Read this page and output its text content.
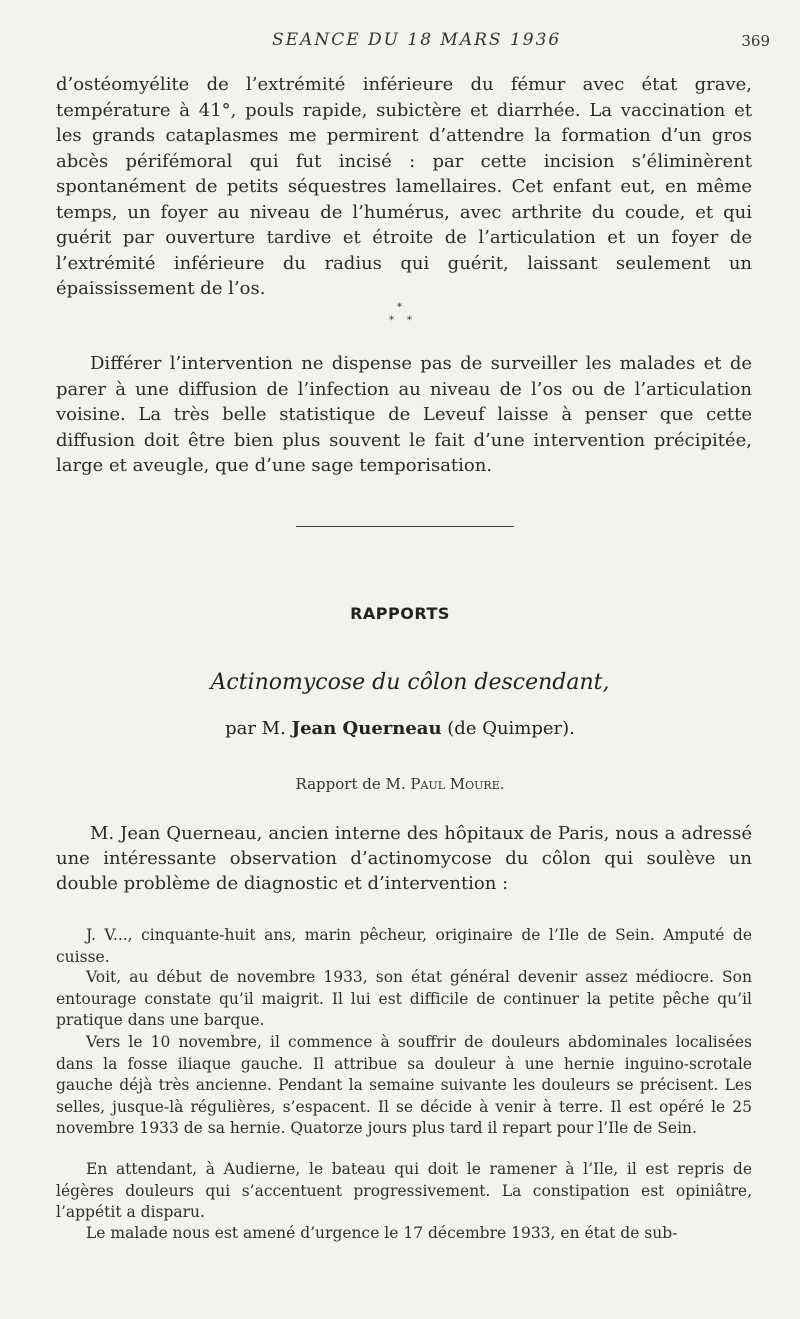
SEANCE DU 18 MARS 1936	369

d’ostéomyélite de l’extrémité inférieure du fémur avec état grave, température à 41°, pouls rapide, subictère et diarrhée. La vaccination et les grands cataplasmes me permirent d’attendre la formation d’un gros abcès périfémoral qui fut incisé : par cette incision s’éliminèrent spontanément de petits séquestres lamellaires. Cet enfant eut, en même temps, un foyer au niveau de l’humérus, avec arthrite du coude, et qui guérit par ouverture tardive et étroite de l’articulation et un foyer de l’extrémité inférieure du radius qui guérit, laissant seulement un épaississement de l’os.

*
* *

Différer l’intervention ne dispense pas de surveiller les malades et de parer à une diffusion de l’infection au niveau de l’os ou de l’articulation voisine. La très belle statistique de Leveuf laisse à penser que cette diffusion doit être bien plus souvent le fait d’une intervention précipitée, large et aveugle, que d’une sage temporisation.

RAPPORTS
Actinomycose du côlon descendant,
par M. Jean Querneau (de Quimper).
Rapport de M. Paul Moure.

M. Jean Querneau, ancien interne des hôpitaux de Paris, nous a adressé une intéressante observation d’actinomycose du côlon qui soulève un double problème de diagnostic et d’intervention :

J. V..., cinquante-huit ans, marin pêcheur, originaire de l’Ile de Sein. Amputé de cuisse.

Voit, au début de novembre 1933, son état général devenir assez médiocre. Son entourage constate qu’il maigrit. Il lui est difficile de continuer la petite pêche qu’il pratique dans une barque.

Vers le 10 novembre, il commence à souffrir de douleurs abdominales localisées dans la fosse iliaque gauche. Il attribue sa douleur à une hernie inguino-scrotale gauche déjà très ancienne. Pendant la semaine suivante les douleurs se précisent. Les selles, jusque-là régulières, s’espacent. Il se décide à venir à terre. Il est opéré le 25 novembre 1933 de sa hernie. Quatorze jours plus tard il repart pour l’Ile de Sein.

En attendant, à Audierne, le bateau qui doit le ramener à l’Ile, il est repris de légères douleurs qui s’accentuent progressivement. La constipation est opiniâtre, l’appétit a disparu.

Le malade nous est amené d’urgence le 17 décembre 1933, en état de sub-
